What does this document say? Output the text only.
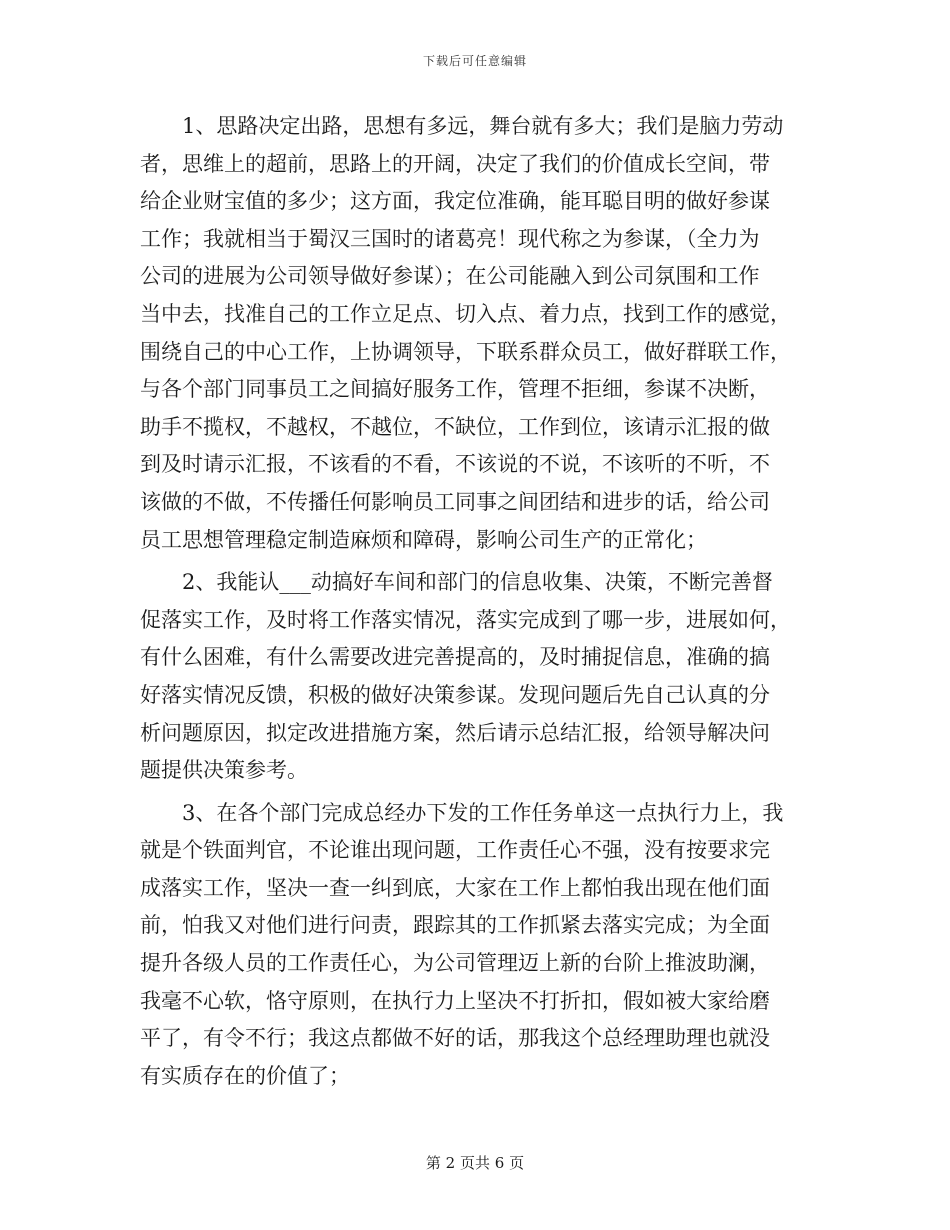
下载后可任意编辑
1、思路决定出路，思想有多远，舞台就有多大；我们是脑力劳动
者，思维上的超前，思路上的开阔，决定了我们的价值成长空间，带
给企业财宝值的多少；这方面，我定位准确，能耳聪目明的做好参谋
工作；我就相当于蜀汉三国时的诸葛亮！现代称之为参谋，（全力为
公司的进展为公司领导做好参谋）；在公司能融入到公司氛围和工作
当中去，找准自己的工作立足点、切入点、着力点，找到工作的感觉，
围绕自己的中心工作，上协调领导，下联系群众员工，做好群联工作，
与各个部门同事员工之间搞好服务工作，管理不拒细，参谋不决断，
助手不揽权，不越权，不越位，不缺位，工作到位，该请示汇报的做
到及时请示汇报，不该看的不看，不该说的不说，不该听的不听，不
该做的不做，不传播任何影响员工同事之间团结和进步的话，给公司
员工思想管理稳定制造麻烦和障碍，影响公司生产的正常化；
2、我能认___动搞好车间和部门的信息收集、决策，不断完善督
促落实工作，及时将工作落实情况，落实完成到了哪一步，进展如何，
有什么困难，有什么需要改进完善提高的，及时捕捉信息，准确的搞
好落实情况反馈，积极的做好决策参谋。发现问题后先自己认真的分
析问题原因，拟定改进措施方案，然后请示总结汇报，给领导解决问
题提供决策参考。
3、在各个部门完成总经办下发的工作任务单这一点执行力上，我
就是个铁面判官，不论谁出现问题，工作责任心不强，没有按要求完
成落实工作，坚决一查一纠到底，大家在工作上都怕我出现在他们面
前，怕我又对他们进行问责，跟踪其的工作抓紧去落实完成；为全面
提升各级人员的工作责任心，为公司管理迈上新的台阶上推波助澜，
我毫不心软，恪守原则，在执行力上坚决不打折扣，假如被大家给磨
平了，有令不行；我这点都做不好的话，那我这个总经理助理也就没
有实质存在的价值了；
第 2 页共 6 页
